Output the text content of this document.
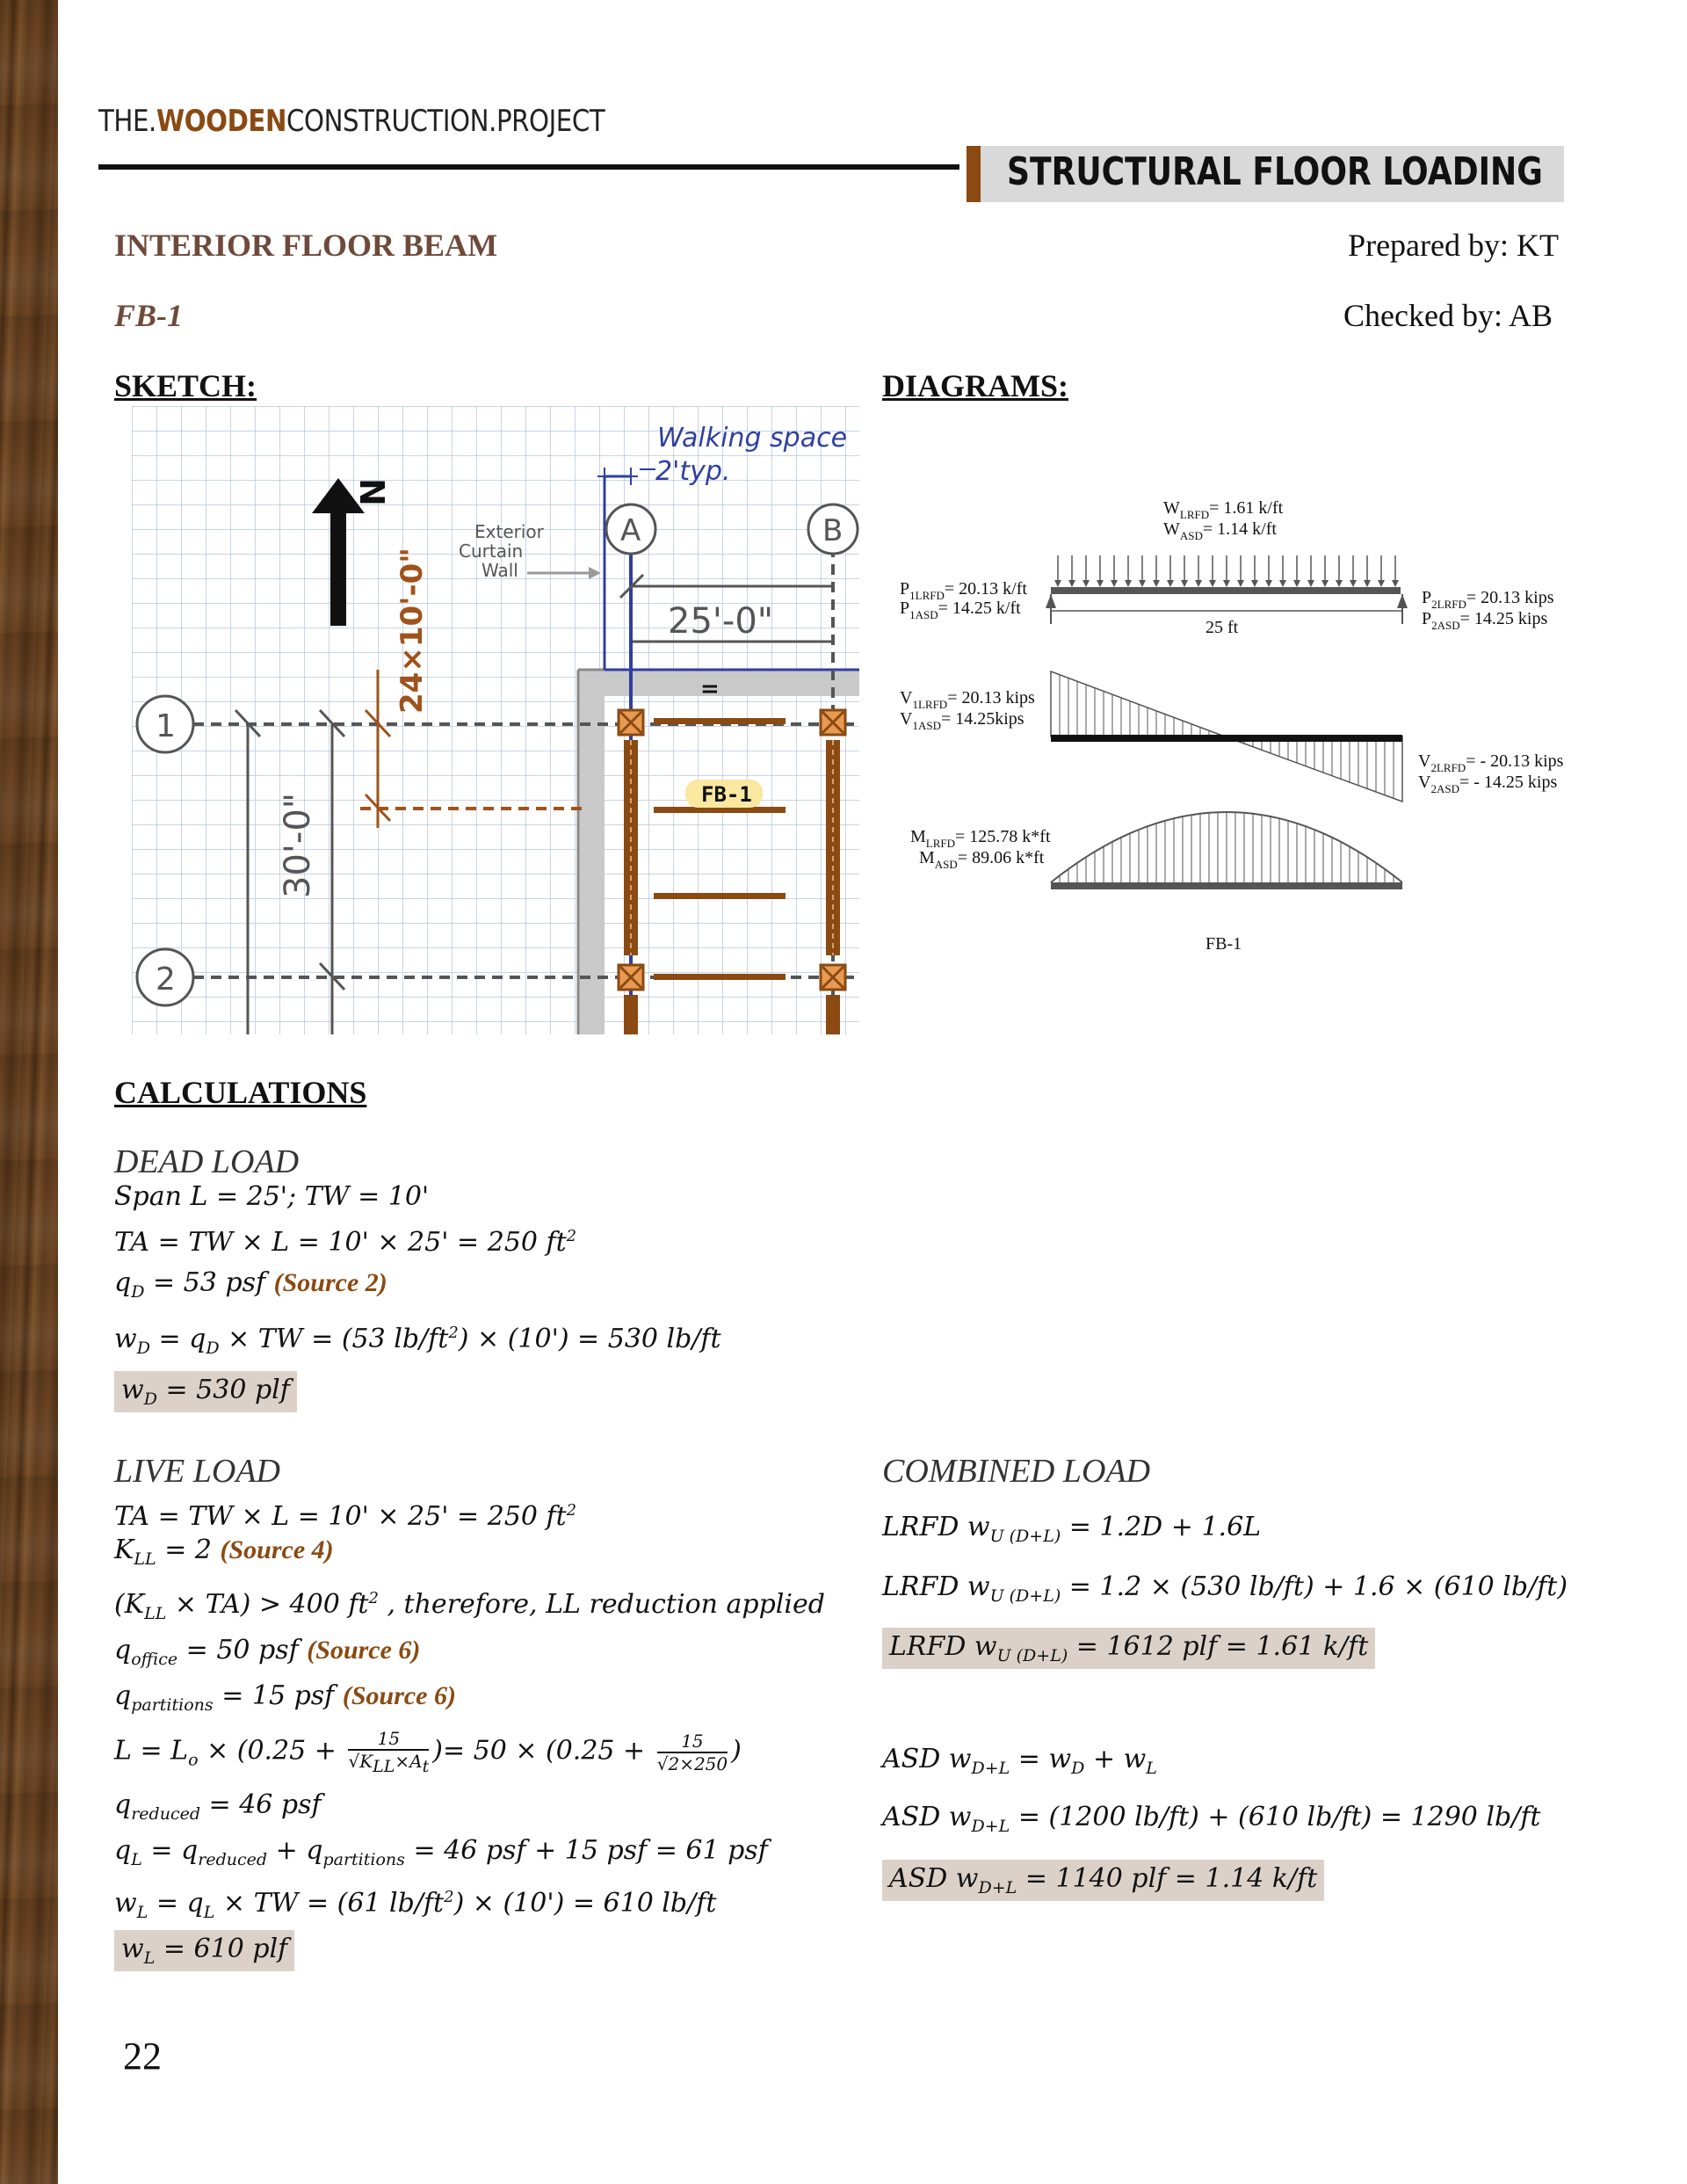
THE.WOODENCONSTRUCTION.PROJECT
STRUCTURAL FLOOR LOADING
INTERIOR FLOOR BEAM
FB-1
Prepared by: KT
Checked by: AB
SKETCH:	DIAGRAMS:
Walking space
2'typ.
A	B
25'-0"
Exterior
Curtain
Wall
N
1
2
30'-0"
24×10'-0"	=
FB-1
$W_{LRFD}= 1.61$ k/ft
$W_{ASD}= 1.14$ k/ft
25 ft
$P_{1LRFD}= 20.13$ k/ft
$P_{1ASD}= 14.25$ k/ft
$P_{2LRFD}= 20.13$ kips
$P_{2ASD}= 14.25$ kips
$V_{1LRFD}= 20.13$ kips
$V_{1ASD}=$ 14.25kips
$V_{2LRFD}= - 20.13$ kips
$V_{2ASD}= - 14.25$ kips
$M_{LRFD}= 125.78$ k*ft
$M_{ASD}= 89.06$ k*ft
FB-1
CALCULATIONS
DEAD LOAD
Span L = 25'; TW = 10'
TA = TW × L = 10' × 25' = 250 $ft^2$
$q_D = 53$ psf (Source 2)
$w_D = q_D$ × TW = (53 $lb/ft^2) \times (10') = 530$ lb/ft
$w_D = 530$ plf
LIVE LOAD
TA = TW × L = 10' × 25' = 250 $ft^2$
$K_{LL} = 2$ (Source 4)
$(K_{LL} \times TA) > 400$ $ft^2$ , therefore, LL reduction applied
$q_{office} = 50$ psf (Source 6)
$q_{partitions} = 15$ psf (Source 6)
$L = L_o \times (0.25$ +	15
$√K_{LL}\times A_t$
)= $50 \times (0.25 + \frac{15}{√2\times 250}$ )
$q_{reduced} = 46$ psf
$q_L = q_{reduced} + q_{partitions} = 46$ psf + 15 psf = 61 psf
$w_L = q_L$ × TW = (61 $lb/ft^2) \times (10') = 610$ lb/ft
$w_L = 610$ plf
COMBINED LOAD
LRFD $w_{U (D+L)} = 1.2D + 1.6L$
LRFD $w_{U (D+L)} = 1.2 \times (530$ lb/ft) + 1.6 × (610 lb/ft)
LRFD $w_{U (D+L)} = 1612$ plf = 1.61 k/ft
ASD $w_{D+L} = w_D + w_L$
ASD $w_{D+L} = (1200$ lb/ft) + (610 lb/ft) = 1290 lb/ft
ASD $w_{D+L} = 1140$ plf = 1.14 k/ft
22
